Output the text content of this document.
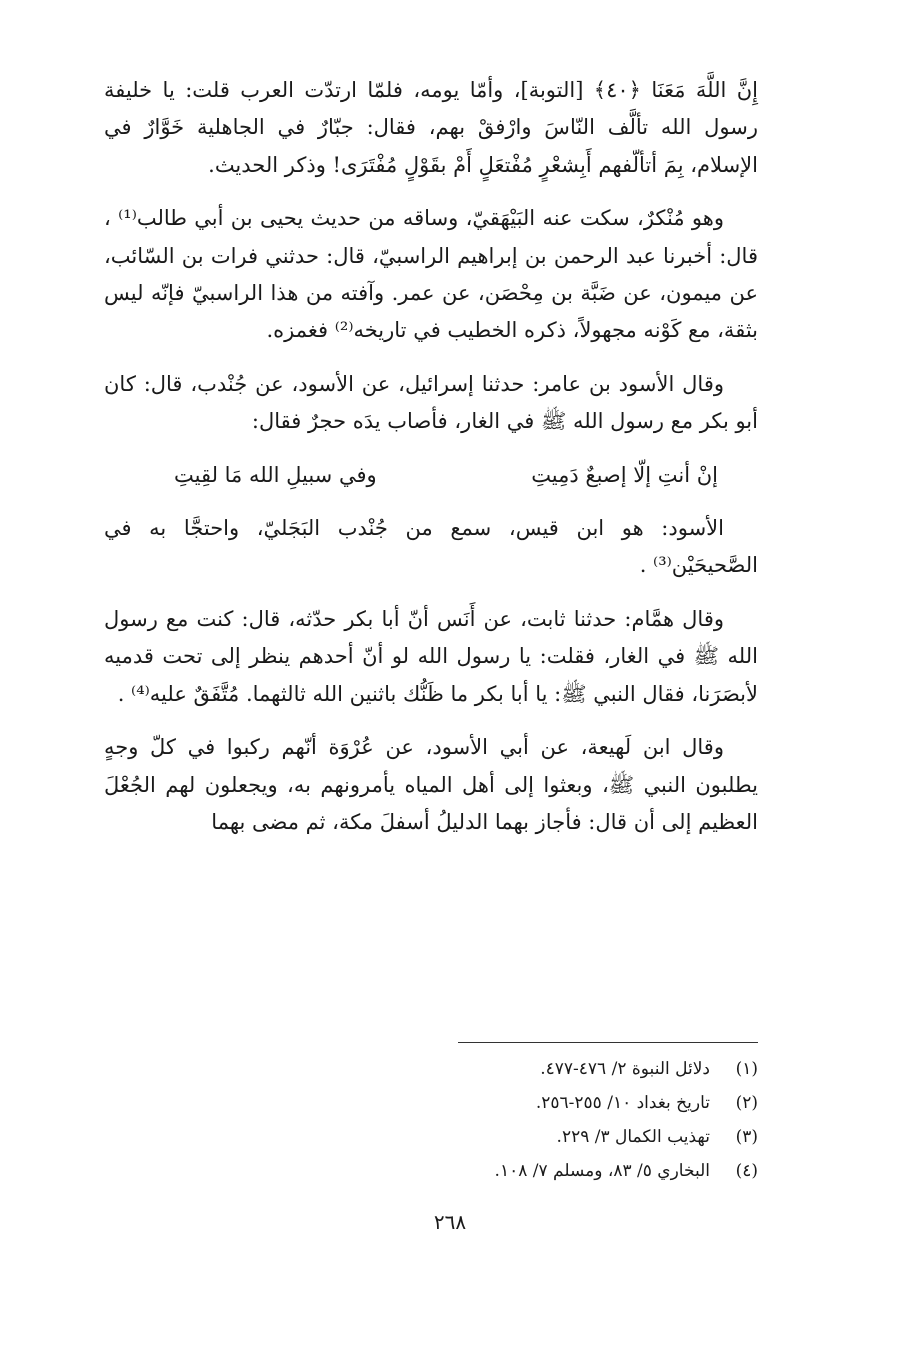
إِنَّ اللَّهَ مَعَنَا ﴿٤٠﴾ [التوبة]، وأمّا يومه، فلمّا ارتدّت العرب قلت: يا خليفة رسول الله تألَّف النّاسَ وارْفقْ بهم، فقال: جبّارٌ في الجاهلية خَوَّارٌ في الإسلام، بِمَ أتألّفهم أَبِشعْرٍ مُفْتعَلٍ أَمْ بقَوْلٍ مُفْتَرَى! وذكر الحديث.

وهو مُنْكرٌ، سكت عنه البَيْهَقيّ، وساقه من حديث يحيى بن أبي طالب⁽¹⁾ ، قال: أخبرنا عبد الرحمن بن إبراهيم الراسبيّ، قال: حدثني فرات بن السّائب، عن ميمون، عن ضَبَّة بن مِحْصَن، عن عمر. وآفته من هذا الراسبيّ فإنّه ليس بثقة، مع كَوْنه مجهولاً، ذكره الخطيب في تاريخه⁽²⁾ فغمزه.

وقال الأسود بن عامر: حدثنا إسرائيل، عن الأسود، عن جُنْدب، قال: كان أبو بكر مع رسول الله ﷺ في الغار، فأصاب يدَه حجرٌ فقال:

إنْ أنتِ إلّا إصبعٌ دَمِيتِ
وفي سبيلِ الله مَا لقِيتِ

الأسود: هو ابن قيس، سمع من جُنْدب البَجَليّ، واحتجَّا به في الصَّحيحَيْن⁽³⁾ .

وقال همَّام: حدثنا ثابت، عن أَنَس أنّ أبا بكر حدّثه، قال: كنت مع رسول الله ﷺ في الغار، فقلت: يا رسول الله لو أنّ أحدهم ينظر إلى تحت قدميه لأبصَرَنا، فقال النبي ﷺ: يا أبا بكر ما ظَنُّك باثنين الله ثالثهما. مُتَّفَقٌ عليه⁽⁴⁾ .

وقال ابن لَهيعة، عن أبي الأسود، عن عُرْوَة أنّهم ركبوا في كلّ وجهٍ يطلبون النبي ﷺ، وبعثوا إلى أهل المياه يأمرونهم به، ويجعلون لهم الجُعْلَ العظيم إلى أن قال: فأجاز بهما الدليلُ أسفلَ مكة، ثم مضى بهما

(١)
دلائل النبوة ٢/ ٤٧٦-٤٧٧.
(٢)
تاريخ بغداد ١٠/ ٢٥٥-٢٥٦.
(٣)
تهذيب الكمال ٣/ ٢٢٩.
(٤)
البخاري ٥/ ٨٣، ومسلم ٧/ ١٠٨.
٢٦٨
